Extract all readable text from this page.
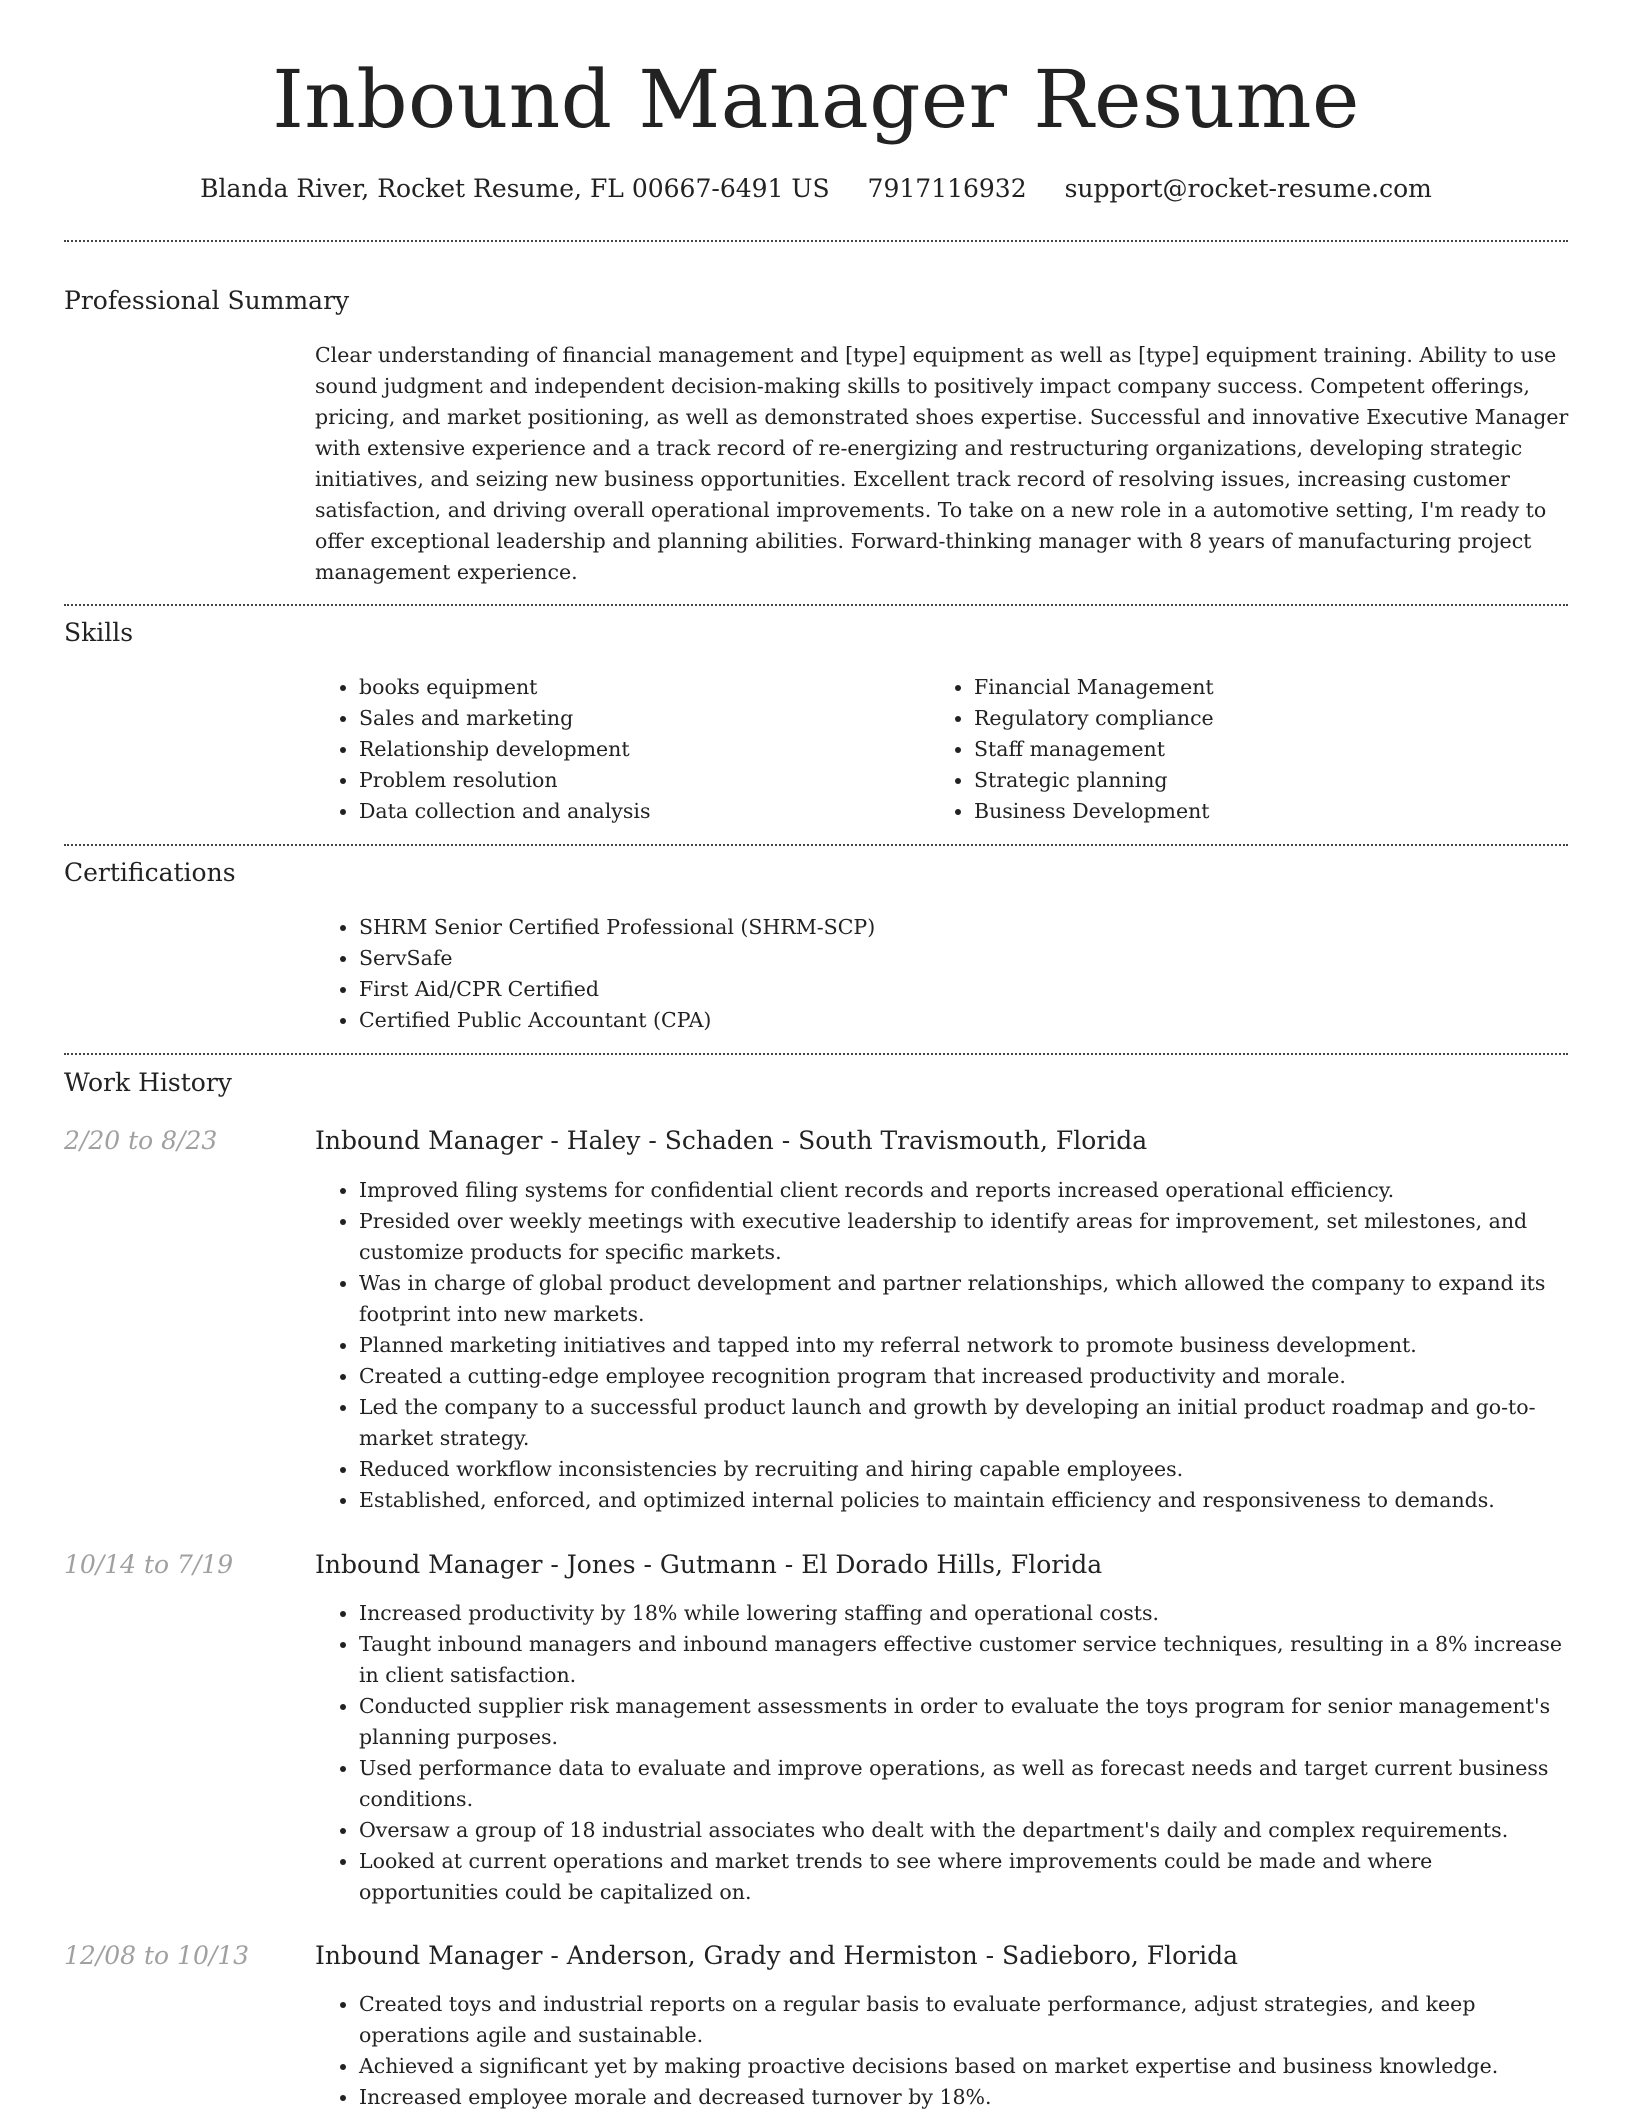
Inbound Manager Resume
Blanda River, Rocket Resume, FL 00667-6491 US 7917116932 support@rocket-resume.com
Professional Summary
Clear understanding of financial management and [type] equipment as well as [type] equipment training. Ability to use sound judgment and independent decision-making skills to positively impact company success. Competent offerings, pricing, and market positioning, as well as demonstrated shoes expertise. Successful and innovative Executive Manager with extensive experience and a track record of re-energizing and restructuring organizations, developing strategic initiatives, and seizing new business opportunities. Excellent track record of resolving issues, increasing customer satisfaction, and driving overall operational improvements. To take on a new role in a automotive setting, I'm ready to offer exceptional leadership and planning abilities. Forward-thinking manager with 8 years of manufacturing project management experience.
Skills
• books equipment
• Sales and marketing
• Relationship development
• Problem resolution
• Data collection and analysis
• Financial Management
• Regulatory compliance
• Staff management
• Strategic planning
• Business Development
Certifications
• SHRM Senior Certified Professional (SHRM-SCP)
• ServSafe
• First Aid/CPR Certified
• Certified Public Accountant (CPA)
Work History
2/20 to 8/23	Inbound Manager - Haley - Schaden - South Travismouth, Florida
• Improved filing systems for confidential client records and reports increased operational efficiency.
• Presided over weekly meetings with executive leadership to identify areas for improvement, set milestones, and customize products for specific markets.
• Was in charge of global product development and partner relationships, which allowed the company to expand its footprint into new markets.
• Planned marketing initiatives and tapped into my referral network to promote business development.
• Created a cutting-edge employee recognition program that increased productivity and morale.
• Led the company to a successful product launch and growth by developing an initial product roadmap and go-to-market strategy.
• Reduced workflow inconsistencies by recruiting and hiring capable employees.
• Established, enforced, and optimized internal policies to maintain efficiency and responsiveness to demands.
10/14 to 7/19	Inbound Manager - Jones - Gutmann - El Dorado Hills, Florida
• Increased productivity by 18% while lowering staffing and operational costs.
• Taught inbound managers and inbound managers effective customer service techniques, resulting in a 8% increase in client satisfaction.
• Conducted supplier risk management assessments in order to evaluate the toys program for senior management's planning purposes.
• Used performance data to evaluate and improve operations, as well as forecast needs and target current business conditions.
• Oversaw a group of 18 industrial associates who dealt with the department's daily and complex requirements.
• Looked at current operations and market trends to see where improvements could be made and where opportunities could be capitalized on.
12/08 to 10/13	Inbound Manager - Anderson, Grady and Hermiston - Sadieboro, Florida
• Created toys and industrial reports on a regular basis to evaluate performance, adjust strategies, and keep operations agile and sustainable.
• Achieved a significant yet by making proactive decisions based on market expertise and business knowledge.
• Increased employee morale and decreased turnover by 18%.
